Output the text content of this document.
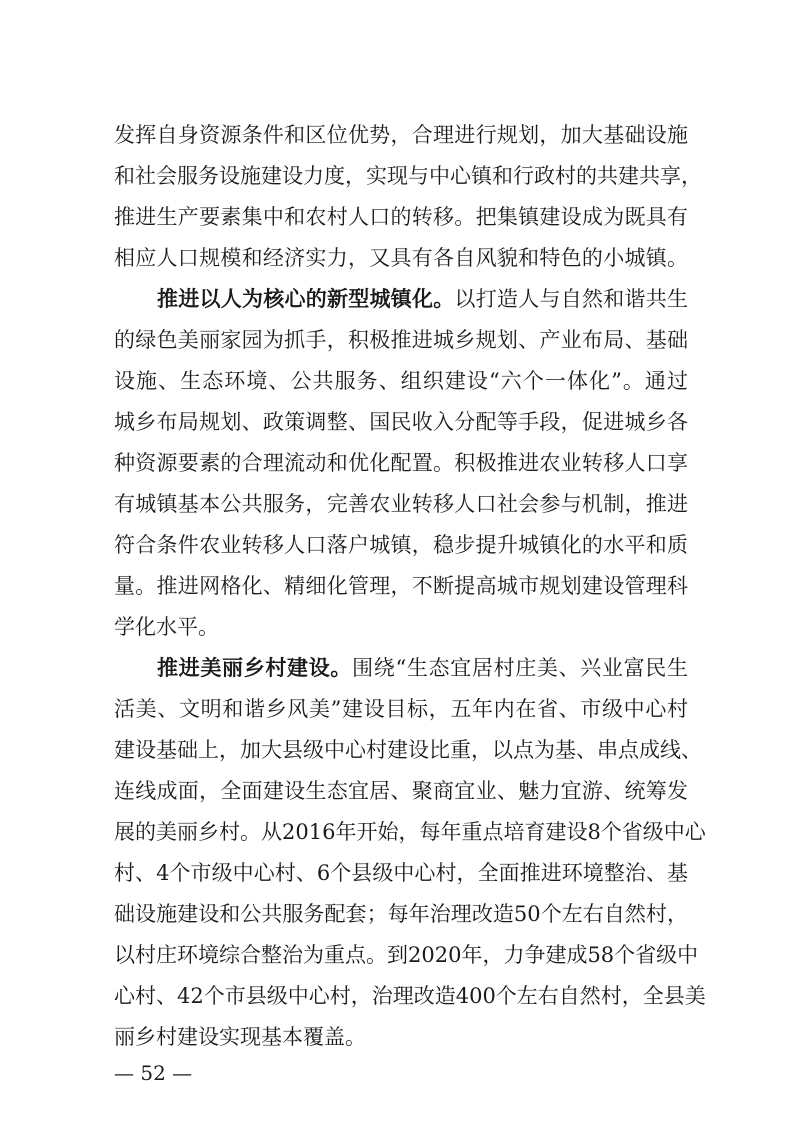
发挥自身资源条件和区位优势，合理进行规划，加大基础设施
和社会服务设施建设力度，实现与中心镇和行政村的共建共享，
推进生产要素集中和农村人口的转移。把集镇建设成为既具有
相应人口规模和经济实力，又具有各自风貌和特色的小城镇。
推进以人为核心的新型城镇化。以打造人与自然和谐共生
的绿色美丽家园为抓手，积极推进城乡规划、产业布局、基础
设施、生态环境、公共服务、组织建设“六个一体化”。通过
城乡布局规划、政策调整、国民收入分配等手段，促进城乡各
种资源要素的合理流动和优化配置。积极推进农业转移人口享
有城镇基本公共服务，完善农业转移人口社会参与机制，推进
符合条件农业转移人口落户城镇，稳步提升城镇化的水平和质
量。推进网格化、精细化管理，不断提高城市规划建设管理科
学化水平。
推进美丽乡村建设。围绕“生态宜居村庄美、兴业富民生
活美、文明和谐乡风美”建设目标，五年内在省、市级中心村
建设基础上，加大县级中心村建设比重，以点为基、串点成线、
连线成面，全面建设生态宜居、聚商宜业、魅力宜游、统筹发
展的美丽乡村。从2016年开始，每年重点培育建设8个省级中心
村、4个市级中心村、6个县级中心村，全面推进环境整治、基
础设施建设和公共服务配套；每年治理改造50个左右自然村，
以村庄环境综合整治为重点。到2020年，力争建成58个省级中
心村、42个市县级中心村，治理改造400个左右自然村，全县美
丽乡村建设实现基本覆盖。
— 52 —
